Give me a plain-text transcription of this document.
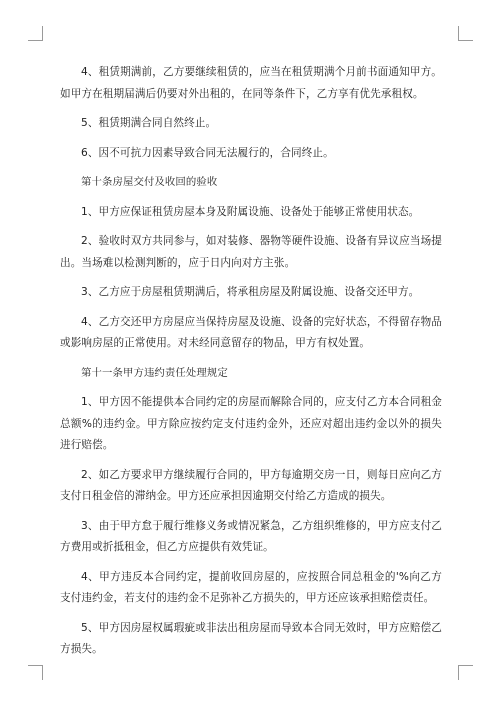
4、租赁期满前，乙方要继续租赁的，应当在租赁期满个月前书面通知甲方。如甲方在租期届满后仍要对外出租的，在同等条件下，乙方享有优先承租权。

5、租赁期满合同自然终止。

6、因不可抗力因素导致合同无法履行的，合同终止。

第十条房屋交付及收回的验收

1、甲方应保证租赁房屋本身及附属设施、设备处于能够正常使用状态。

2、验收时双方共同参与，如对装修、器物等硬件设施、设备有异议应当场提出。当场难以检测判断的，应于日内向对方主张。

3、乙方应于房屋租赁期满后，将承租房屋及附属设施、设备交还甲方。

4、乙方交还甲方房屋应当保持房屋及设施、设备的完好状态，不得留存物品或影响房屋的正常使用。对未经同意留存的物品，甲方有权处置。

第十一条甲方违约责任处理规定

1、甲方因不能提供本合同约定的房屋而解除合同的，应支付乙方本合同租金总额%的违约金。甲方除应按约定支付违约金外，还应对超出违约金以外的损失进行赔偿。

2、如乙方要求甲方继续履行合同的，甲方每逾期交房一日，则每日应向乙方支付日租金倍的滞纳金。甲方还应承担因逾期交付给乙方造成的损失。

3、由于甲方怠于履行维修义务或情况紧急，乙方组织维修的，甲方应支付乙方费用或折抵租金，但乙方应提供有效凭证。

4、甲方违反本合同约定，提前收回房屋的，应按照合同总租金的'%向乙方支付违约金，若支付的违约金不足弥补乙方损失的，甲方还应该承担赔偿责任。

5、甲方因房屋权属瑕疵或非法出租房屋而导致本合同无效时，甲方应赔偿乙方损失。
